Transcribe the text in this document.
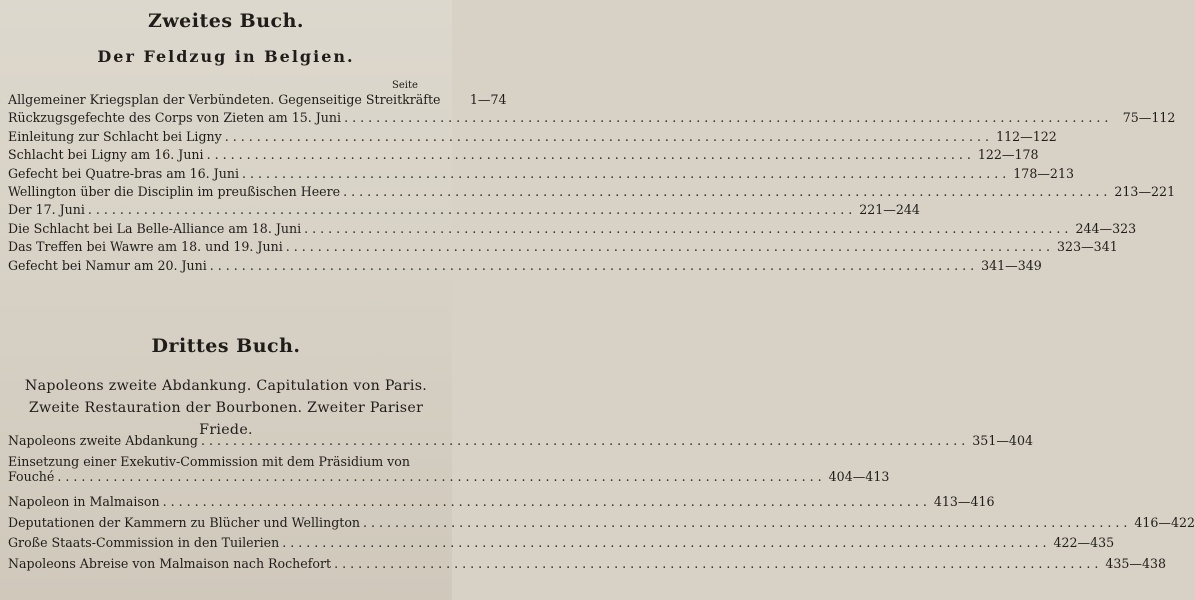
Zweites Buch.
Der Feldzug in Belgien.
Seite
Allgemeiner Kriegsplan der Verbündeten. Gegenseitige Streitkräfte	1—74
Rückzugsgefechte des Corps von Zieten am 15. Juni .....	75—112
Einleitung zur Schlacht bei Ligny .....	112—122
Schlacht bei Ligny am 16. Juni .....	122—178
Gefecht bei Quatre-bras am 16. Juni .....	178—213
Wellington über die Disciplin im preußischen Heere .....	213—221
Der 17. Juni .....	221—244
Die Schlacht bei La Belle-Alliance am 18. Juni .....	244—323
Das Treffen bei Wawre am 18. und 19. Juni .....	323—341
Gefecht bei Namur am 20. Juni .....	341—349
Drittes Buch.

Napoleons zweite Abdankung. Capitulation von Paris. Zweite Restauration der Bourbonen. Zweiter Pariser Friede.

Napoleons zweite Abdankung .....	351—404
Einsetzung einer Exekutiv-Commission mit dem Präsidium von
Fouché .....	404—413
Napoleon in Malmaison .....	413—416
Deputationen der Kammern zu Blücher und Wellington .....	416—422
Große Staats-Commission in den Tuilerien .....	422—435
Napoleons Abreise von Malmaison nach Rochefort .....	435—438
